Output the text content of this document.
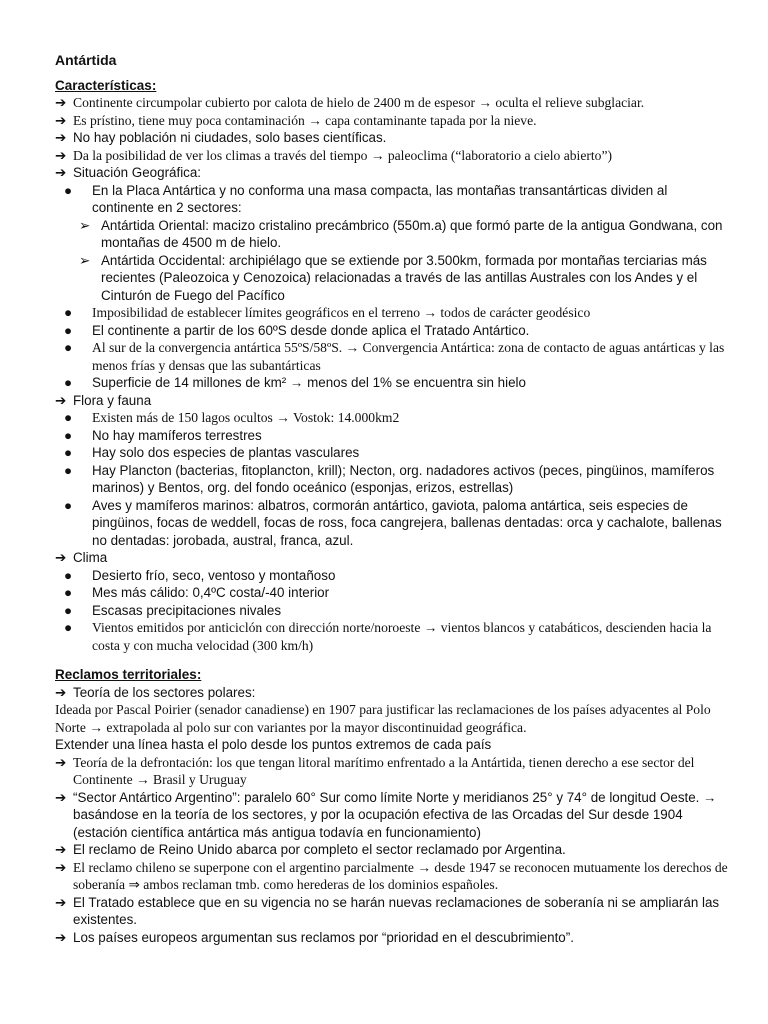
Antártida
Características:
➔ Continente circumpolar cubierto por calota de hielo de 2400 m de espesor → oculta el relieve subglaciar.
➔ Es prístino, tiene muy poca contaminación → capa contaminante tapada por la nieve.
➔ No hay población ni ciudades, solo bases científicas.
➔ Da la posibilidad de ver los climas a través del tiempo → paleoclima (“laboratorio a cielo abierto”)
➔ Situación Geográfica:
● En la Placa Antártica y no conforma una masa compacta, las montañas transantárticas dividen al continente en 2 sectores:
➢ Antártida Oriental: macizo cristalino precámbrico (550m.a) que formó parte de la antigua Gondwana, con montañas de 4500 m de hielo.
➢ Antártida Occidental: archipiélago que se extiende por 3.500km, formada por montañas terciarias más recientes (Paleozoica y Cenozoica) relacionadas a través de las antillas Australes con los Andes y el Cinturón de Fuego del Pacífico
● Imposibilidad de establecer límites geográficos en el terreno → todos de carácter geodésico
● El continente a partir de los 60ºS desde donde aplica el Tratado Antártico.
● Al sur de la convergencia antártica 55ºS/58ºS. → Convergencia Antártica: zona de contacto de aguas antárticas y las menos frías y densas que las subantárticas
● Superficie de 14 millones de km² → menos del 1% se encuentra sin hielo
➔ Flora y fauna
● Existen más de 150 lagos ocultos → Vostok: 14.000km2
● No hay mamíferos terrestres
● Hay solo dos especies de plantas vasculares
● Hay Plancton (bacterias, fitoplancton, krill); Necton, org. nadadores activos (peces, pingüinos, mamíferos marinos) y Bentos, org. del fondo oceánico (esponjas, erizos, estrellas)
● Aves y mamíferos marinos: albatros, cormorán antártico, gaviota, paloma antártica, seis especies de pingüinos, focas de weddell, focas de ross, foca cangrejera, ballenas dentadas: orca y cachalote, ballenas no dentadas: jorobada, austral, franca, azul.
➔ Clima
● Desierto frío, seco, ventoso y montañoso
● Mes más cálido: 0,4ºC costa/-40 interior
● Escasas precipitaciones nivales
● Vientos emitidos por anticiclón con dirección norte/noroeste → vientos blancos y catabáticos, descienden hacia la costa y con mucha velocidad (300 km/h)
Reclamos territoriales:
➔ Teoría de los sectores polares:
Ideada por Pascal Poirier (senador canadiense) en 1907 para justificar las reclamaciones de los países adyacentes al Polo Norte → extrapolada al polo sur con variantes por la mayor discontinuidad geográfica.
Extender una línea hasta el polo desde los puntos extremos de cada país
➔ Teoría de la defrontación: los que tengan litoral marítimo enfrentado a la Antártida, tienen derecho a ese sector del Continente → Brasil y Uruguay
➔ “Sector Antártico Argentino”: paralelo 60° Sur como límite Norte y meridianos 25° y 74° de longitud Oeste. → basándose en la teoría de los sectores, y por la ocupación efectiva de las Orcadas del Sur desde 1904 (estación científica antártica más antigua todavía en funcionamiento)
➔ El reclamo de Reino Unido abarca por completo el sector reclamado por Argentina.
➔ El reclamo chileno se superpone con el argentino parcialmente → desde 1947 se reconocen mutuamente los derechos de soberanía ⇒ ambos reclaman tmb. como herederas de los dominios españoles.
➔ El Tratado establece que en su vigencia no se harán nuevas reclamaciones de soberanía ni se ampliarán las existentes.
➔ Los países europeos argumentan sus reclamos por “prioridad en el descubrimiento”.
